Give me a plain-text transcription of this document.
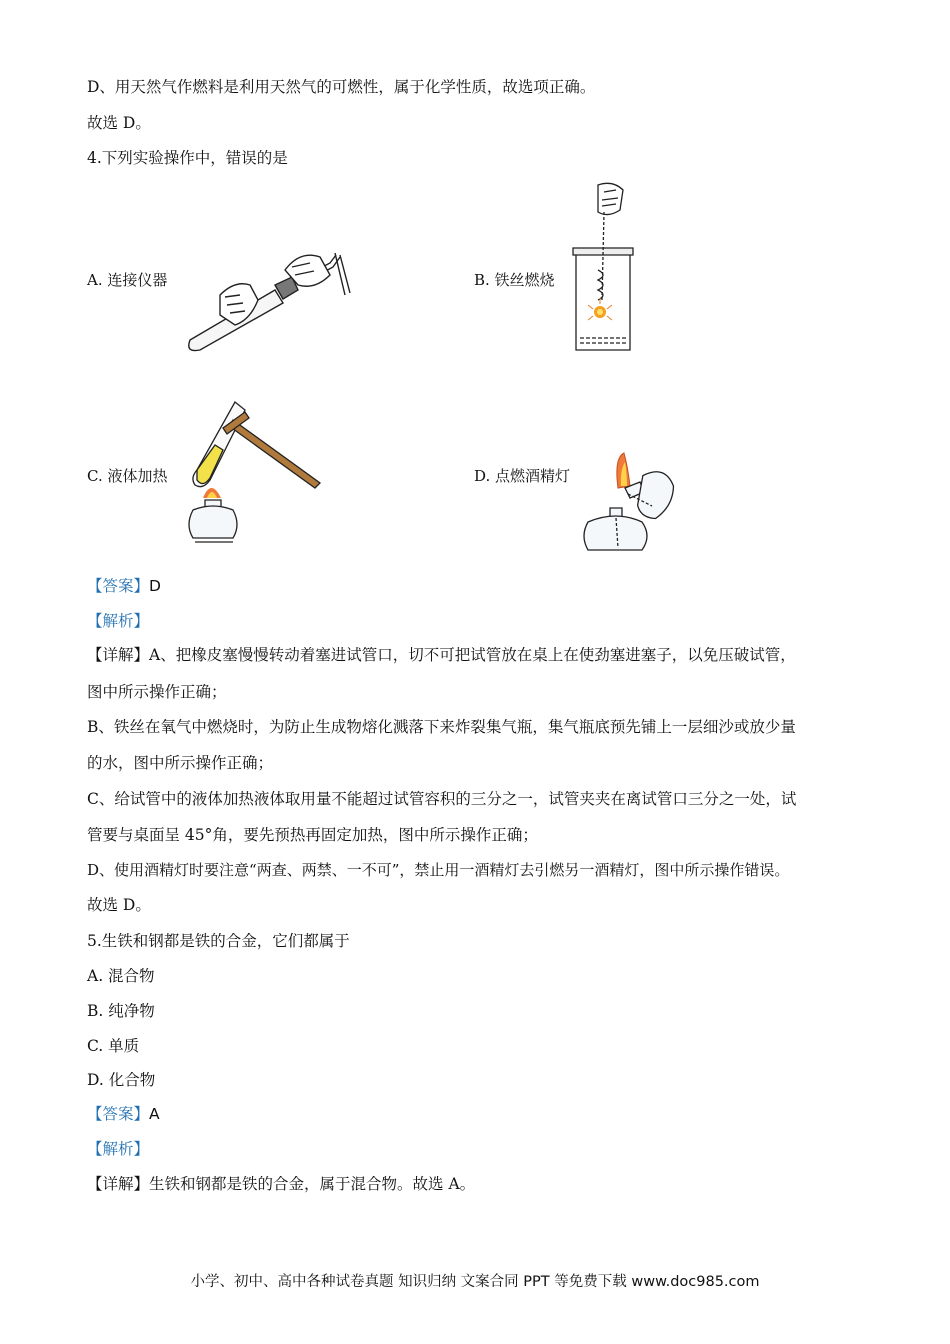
D、用天然气作燃料是利用天然气的可燃性，属于化学性质，故选项正确。
故选 D。
4.下列实验操作中，错误的是
A. 连接仪器	B. 铁丝燃烧
C. 液体加热	D. 点燃酒精灯
【答案】D
【解析】
【详解】A、把橡皮塞慢慢转动着塞进试管口，切不可把试管放在桌上在使劲塞进塞子，以免压破试管，
图中所示操作正确；
B、铁丝在氧气中燃烧时，为防止生成物熔化溅落下来炸裂集气瓶，集气瓶底预先铺上一层细沙或放少量
的水，图中所示操作正确；
C、给试管中的液体加热液体取用量不能超过试管容积的三分之一，试管夹夹在离试管口三分之一处，试
管要与桌面呈 45°角，要先预热再固定加热，图中所示操作正确；
D、使用酒精灯时要注意“两查、两禁、一不可”，禁止用一酒精灯去引燃另一酒精灯，图中所示操作错误。
故选 D。
5.生铁和钢都是铁的合金，它们都属于
A. 混合物
B. 纯净物
C. 单质
D. 化合物
【答案】A
【解析】
【详解】生铁和钢都是铁的合金，属于混合物。故选 A。
小学、初中、高中各种试卷真题 知识归纳 文案合同 PPT 等免费下载 www.doc985.com
